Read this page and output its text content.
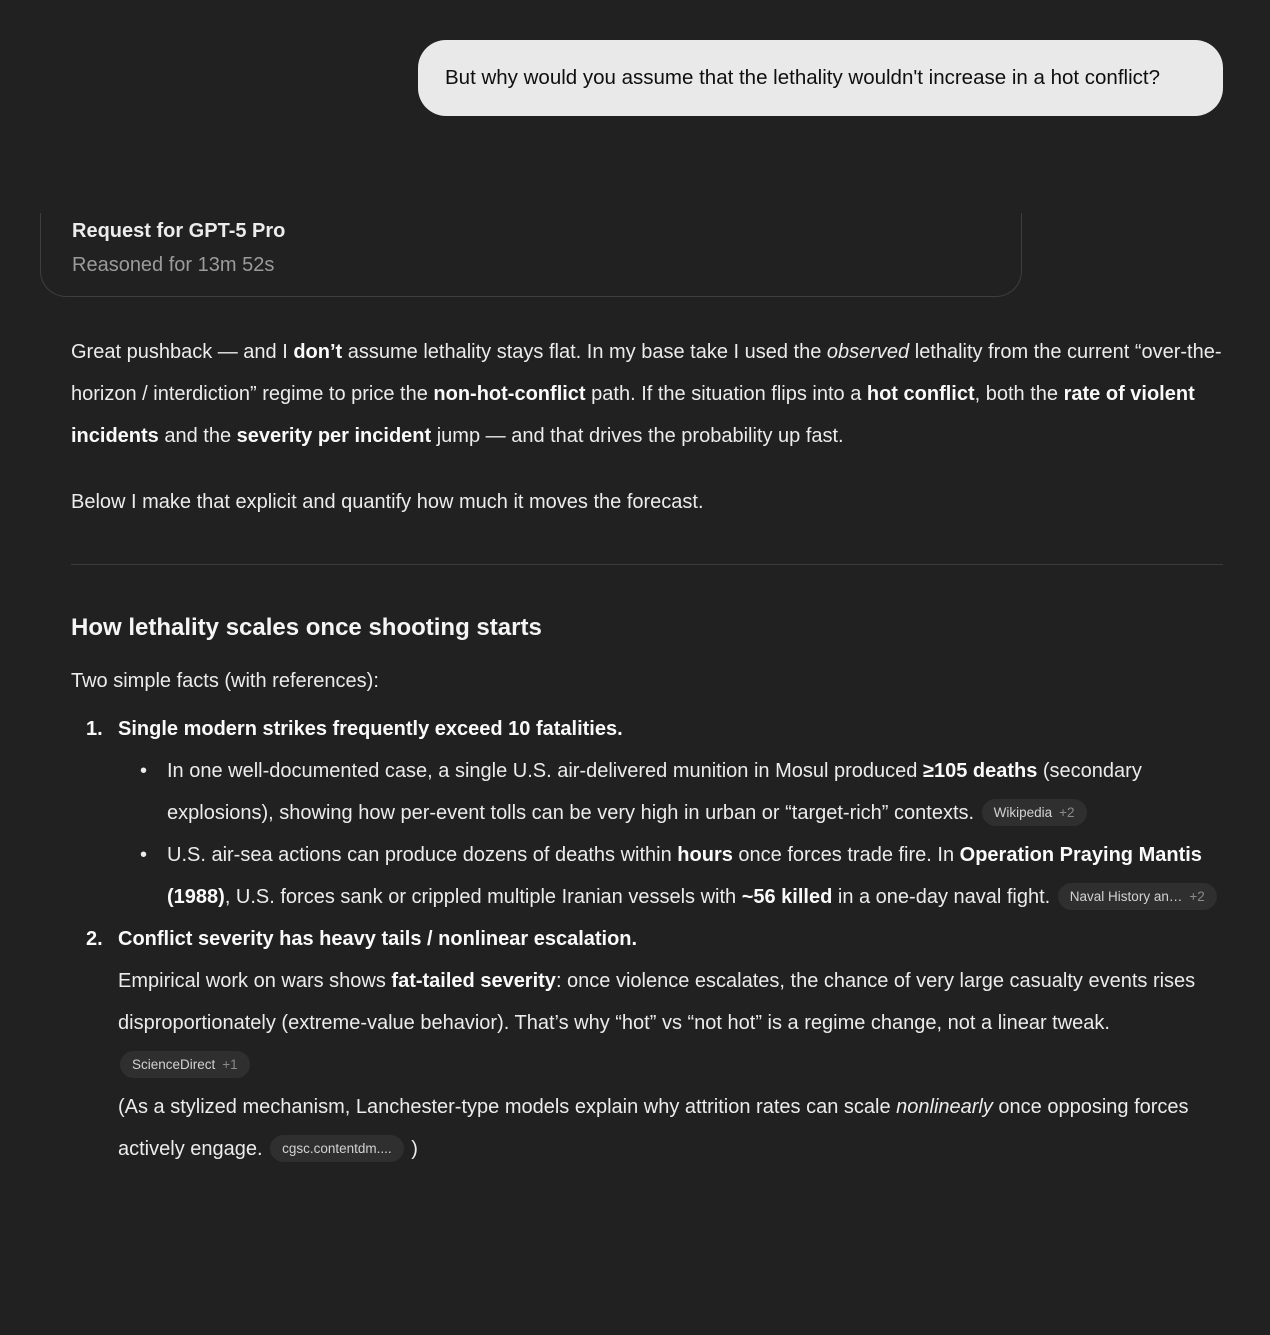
But why would you assume that the lethality wouldn't increase in a hot conflict?
Request for GPT-5 Pro
Reasoned for 13m 52s
Great pushback — and I don’t assume lethality stays flat. In my base take I used the observed lethality from the current “over-the-horizon / interdiction” regime to price the non-hot-conflict path. If the situation flips into a hot conflict, both the rate of violent incidents and the severity per incident jump — and that drives the probability up fast.
Below I make that explicit and quantify how much it moves the forecast.
How lethality scales once shooting starts
Two simple facts (with references):
1. Single modern strikes frequently exceed 10 fatalities.
• In one well-documented case, a single U.S. air-delivered munition in Mosul produced ≥105 deaths (secondary explosions), showing how per-event tolls can be very high in urban or “target-rich” contexts. Wikipedia +2
• U.S. air-sea actions can produce dozens of deaths within hours once forces trade fire. In Operation Praying Mantis (1988), U.S. forces sank or crippled multiple Iranian vessels with ~56 killed in a one-day naval fight. Naval History an… +2
2. Conflict severity has heavy tails / nonlinear escalation.
Empirical work on wars shows fat-tailed severity: once violence escalates, the chance of very large casualty events rises disproportionately (extreme-value behavior). That’s why “hot” vs “not hot” is a regime change, not a linear tweak. ScienceDirect +1
(As a stylized mechanism, Lanchester-type models explain why attrition rates can scale nonlinearly once opposing forces actively engage. cgsc.contentdm.... )
